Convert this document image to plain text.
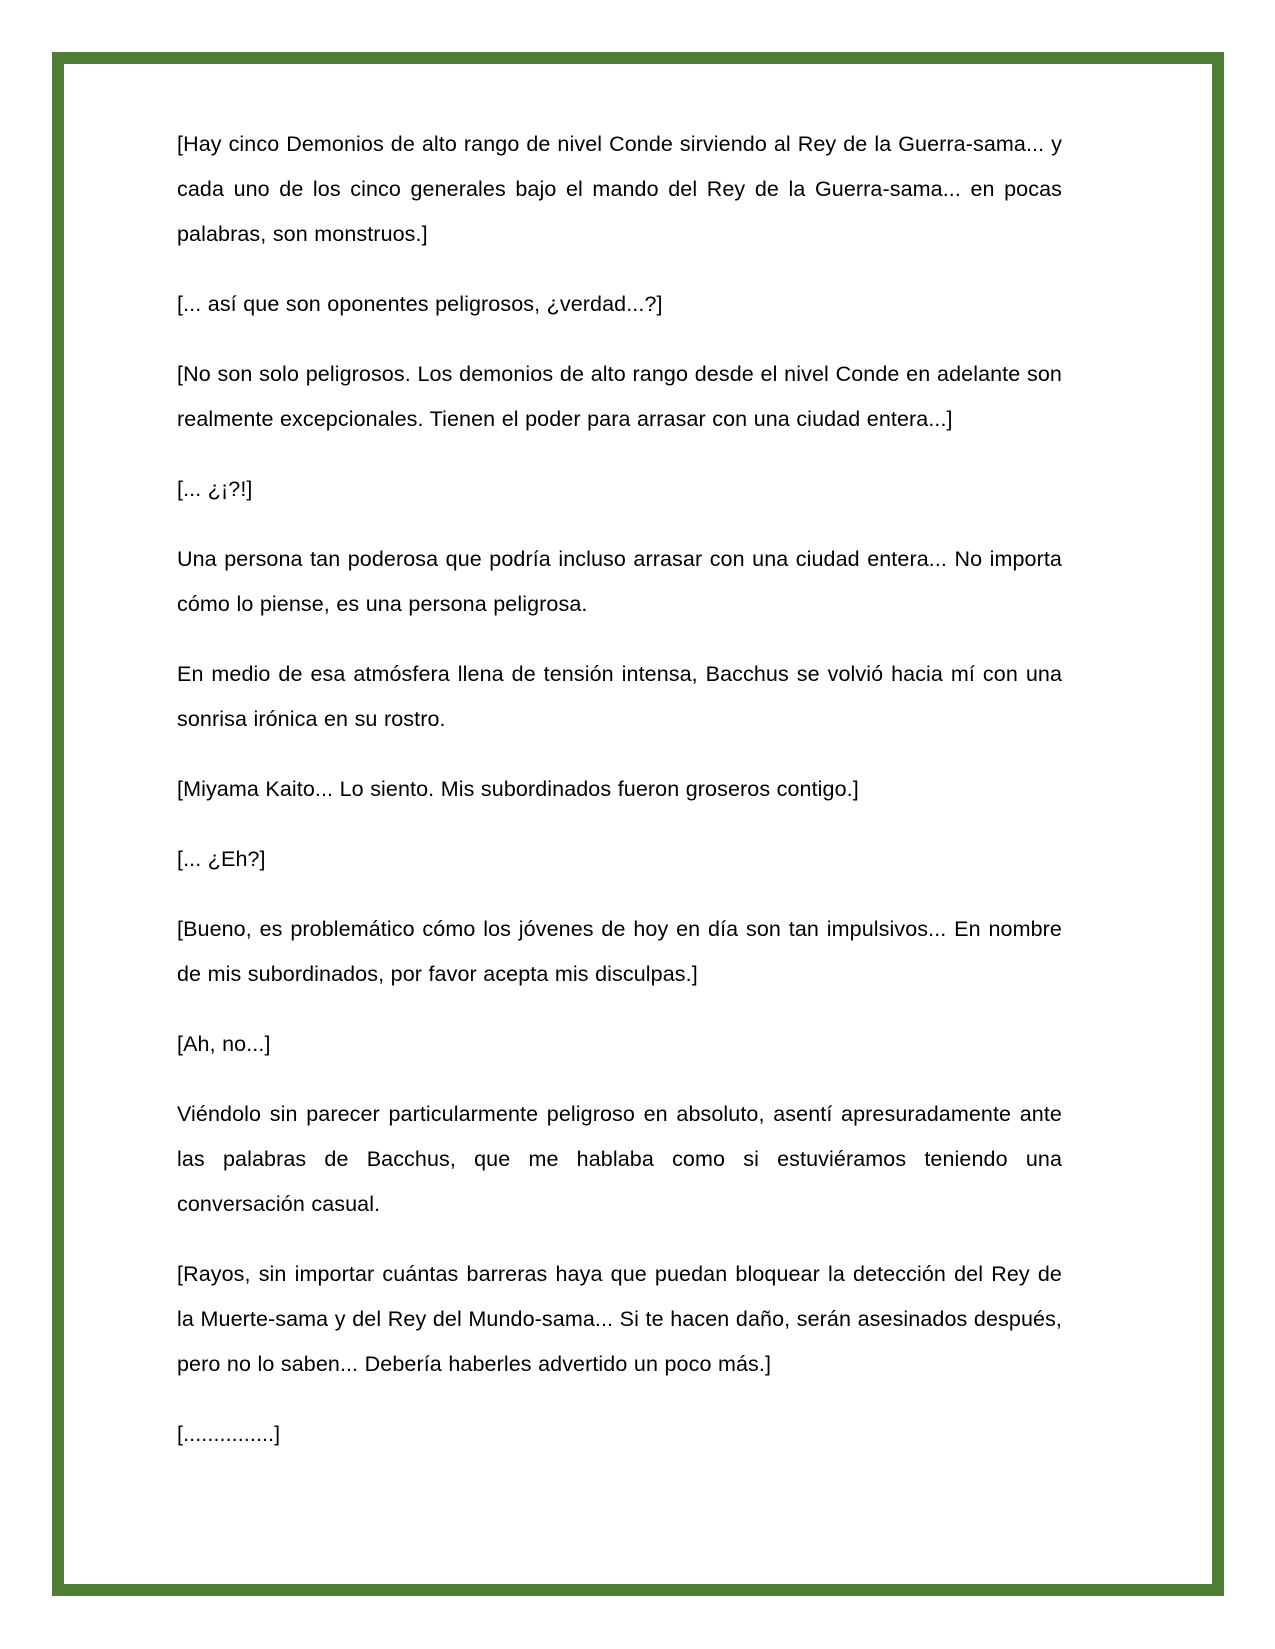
[Hay cinco Demonios de alto rango de nivel Conde sirviendo al Rey de la Guerra-sama... y cada uno de los cinco generales bajo el mando del Rey de la Guerra-sama... en pocas palabras, son monstruos.]

[... así que son oponentes peligrosos, ¿verdad...?]

[No son solo peligrosos. Los demonios de alto rango desde el nivel Conde en adelante son realmente excepcionales. Tienen el poder para arrasar con una ciudad entera...]

[... ¿¡?!]

Una persona tan poderosa que podría incluso arrasar con una ciudad entera... No importa cómo lo piense, es una persona peligrosa.

En medio de esa atmósfera llena de tensión intensa, Bacchus se volvió hacia mí con una sonrisa irónica en su rostro.

[Miyama Kaito... Lo siento. Mis subordinados fueron groseros contigo.]

[... ¿Eh?]

[Bueno, es problemático cómo los jóvenes de hoy en día son tan impulsivos... En nombre de mis subordinados, por favor acepta mis disculpas.]

[Ah, no...]

Viéndolo sin parecer particularmente peligroso en absoluto, asentí apresuradamente ante las palabras de Bacchus, que me hablaba como si estuviéramos teniendo una conversación casual.

[Rayos, sin importar cuántas barreras haya que puedan bloquear la detección del Rey de la Muerte-sama y del Rey del Mundo-sama... Si te hacen daño, serán asesinados después, pero no lo saben... Debería haberles advertido un poco más.]

[...............]
